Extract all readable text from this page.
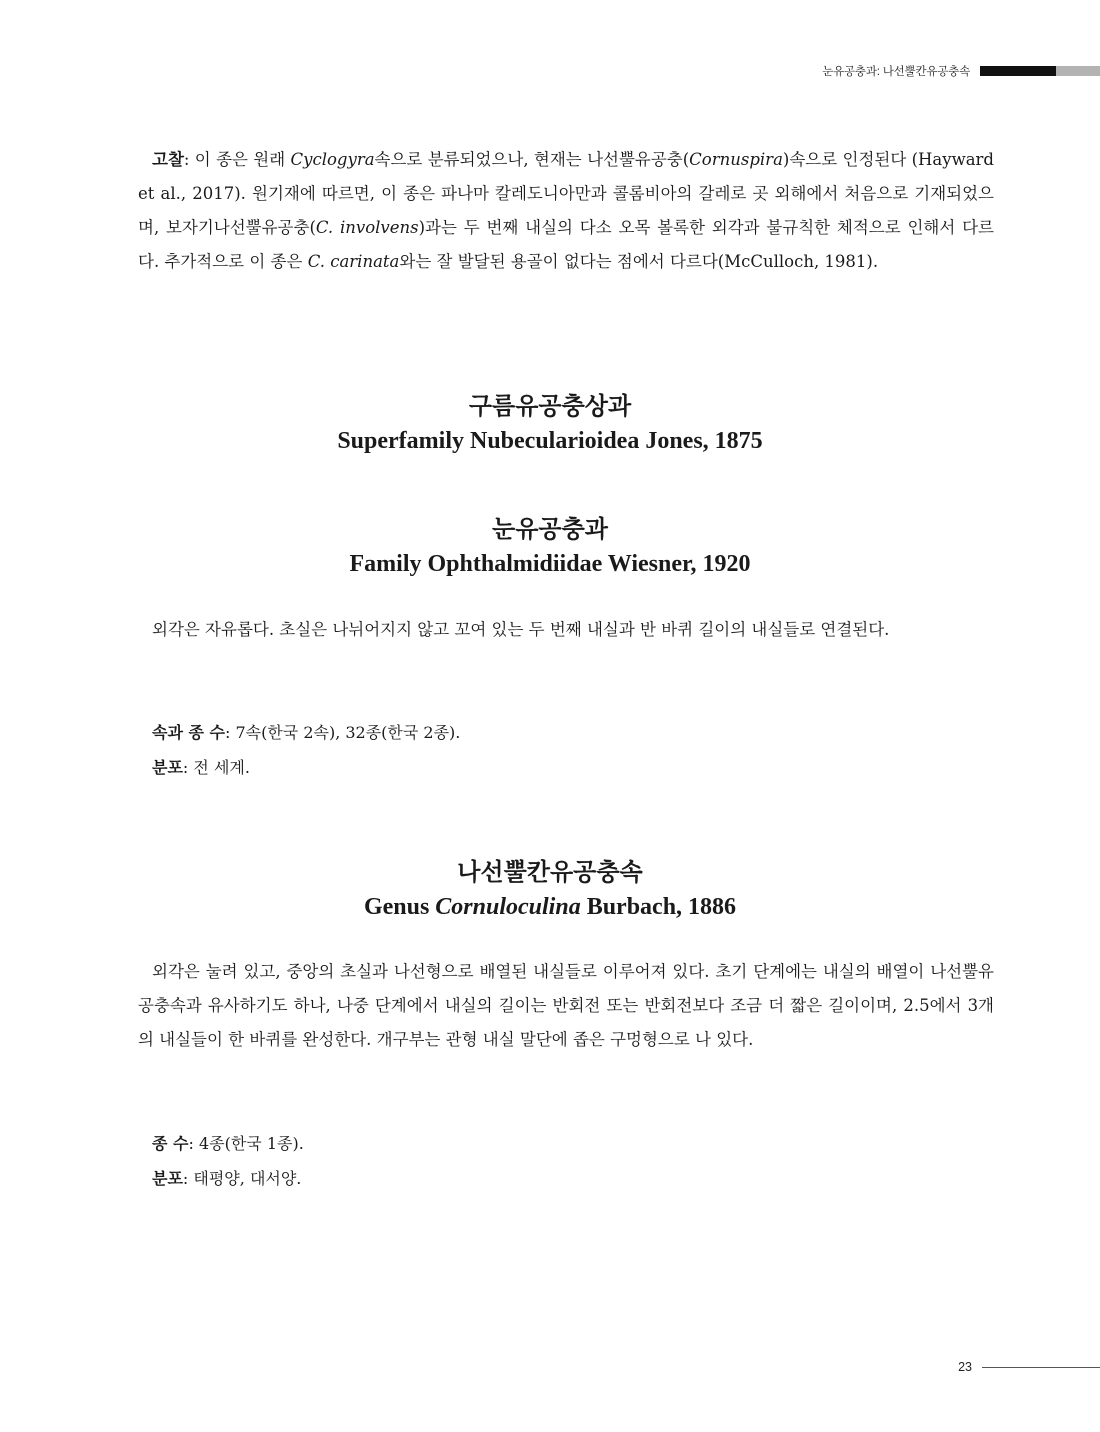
눈유공충과: 나선뿔칸유공충속

고찰: 이 종은 원래 Cyclogyra속으로 분류되었으나, 현재는 나선뿔유공충(Cornuspira)속으로 인정된다 (Hayward et al., 2017). 원기재에 따르면, 이 종은 파나마 칼레도니아만과 콜롬비아의 갈레로 곳 외해에서 처음으로 기재되었으며, 보자기나선뿔유공충(C. involvens)과는 두 번째 내실의 다소 오목 볼록한 외각과 불규칙한 체적으로 인해서 다르다. 추가적으로 이 종은 C. carinata와는 잘 발달된 용골이 없다는 점에서 다르다(McCulloch, 1981).

구름유공충상과
Superfamily Nubecularioidea Jones, 1875
눈유공충과
Family Ophthalmidiidae Wiesner, 1920

외각은 자유롭다. 초실은 나뉘어지지 않고 꼬여 있는 두 번째 내실과 반 바퀴 길이의 내실들로 연결된다.

속과 종 수: 7속(한국 2속), 32종(한국 2종).

분포: 전 세계.

나선뿔칸유공충속
Genus Cornuloculina Burbach, 1886

외각은 눌려 있고, 중앙의 초실과 나선형으로 배열된 내실들로 이루어져 있다. 초기 단계에는 내실의 배열이 나선뿔유공충속과 유사하기도 하나, 나중 단계에서 내실의 길이는 반회전 또는 반회전보다 조금 더 짧은 길이이며, 2.5에서 3개의 내실들이 한 바퀴를 완성한다. 개구부는 관형 내실 말단에 좁은 구멍형으로 나 있다.

종 수: 4종(한국 1종).

분포: 태평양, 대서양.

23
